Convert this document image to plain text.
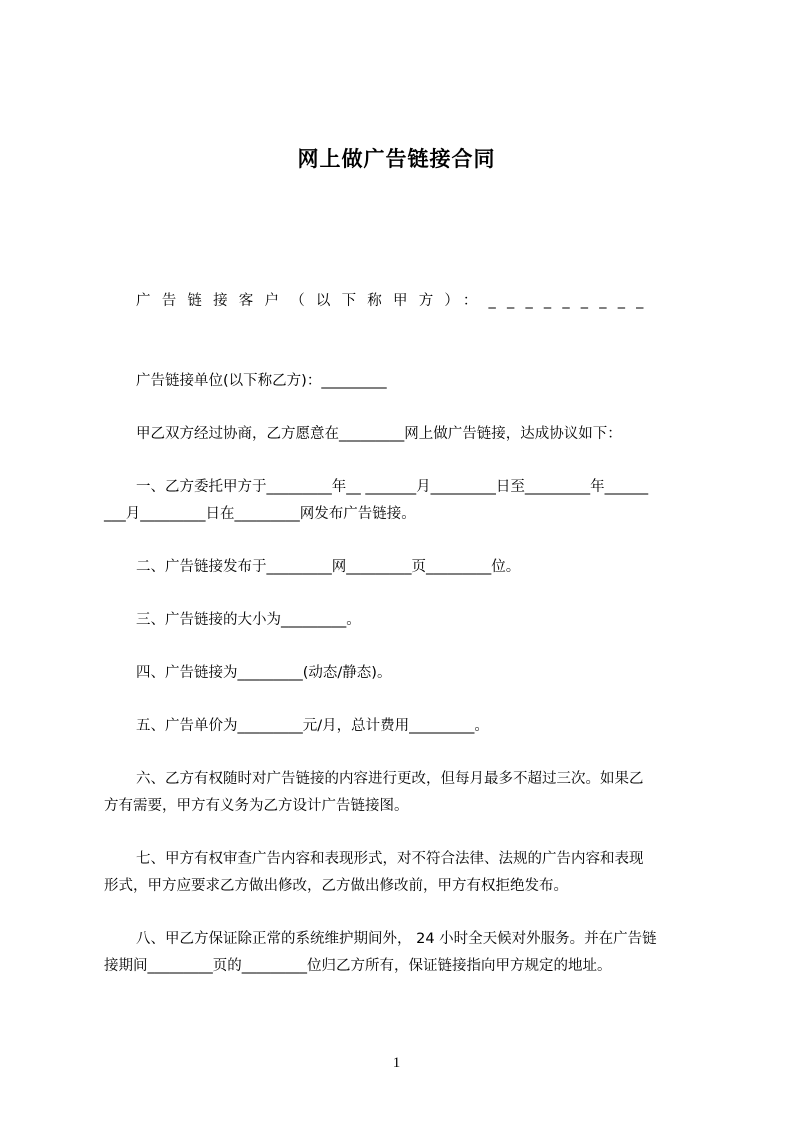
网上做广告链接合同
广告链接客户（以下称甲方）：_________
广告链接单位(以下称乙方)：_________
甲乙双方经过协商，乙方愿意在_________网上做广告链接，达成协议如下：
一、乙方委托甲方于_________年__ _______月_________日至_________年______
___月_________日在_________网发布广告链接。
二、广告链接发布于_________网_________页_________位。
三、广告链接的大小为_________。
四、广告链接为_________(动态/静态)。
五、广告单价为_________元/月，总计费用_________。
六、乙方有权随时对广告链接的内容进行更改，但每月最多不超过三次。如果乙
方有需要，甲方有义务为乙方设计广告链接图。
七、甲方有权审查广告内容和表现形式，对不符合法律、法规的广告内容和表现
形式，甲方应要求乙方做出修改，乙方做出修改前，甲方有权拒绝发布。
八、甲乙方保证除正常的系统维护期间外， 24 小时全天候对外服务。并在广告链
接期间_________页的_________位归乙方所有，保证链接指向甲方规定的地址。
1
